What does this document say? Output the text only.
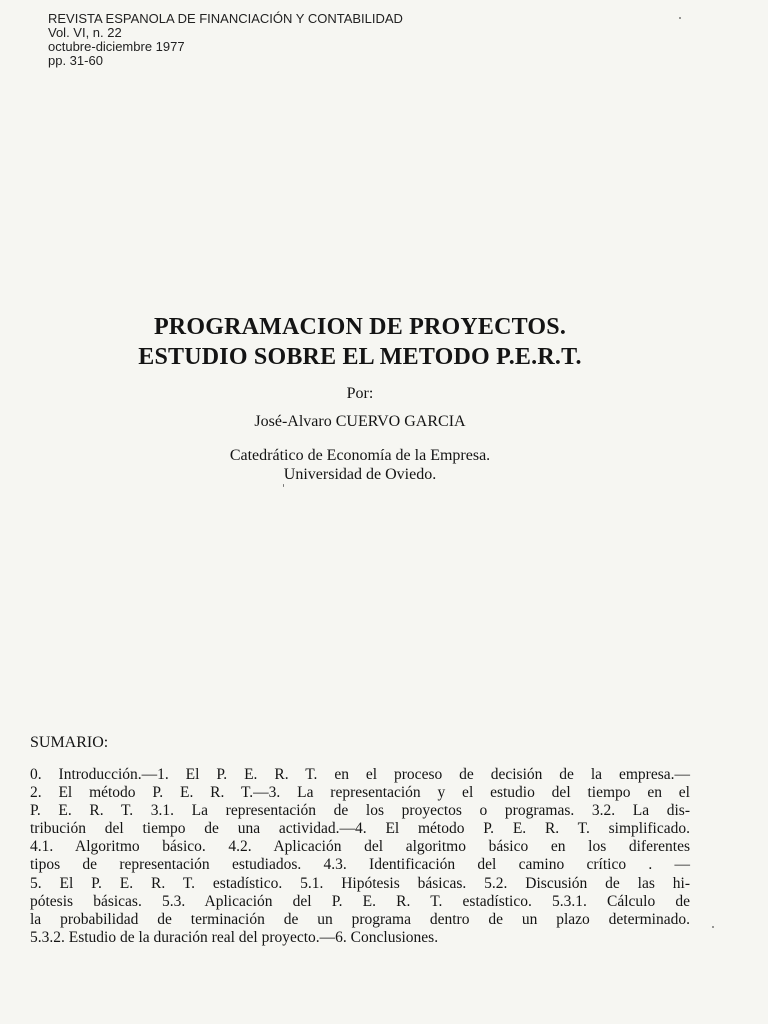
REVISTA ESPANOLA DE FINANCIACIÓN Y CONTABILIDAD
Vol. VI, n. 22
octubre-diciembre 1977
pp. 31-60
PROGRAMACION DE PROYECTOS.
ESTUDIO SOBRE EL METODO P.E.R.T.
Por:
José-Alvaro CUERVO GARCIA
Catedrático de Economía de la Empresa.
Universidad de Oviedo.
SUMARIO:
0. Introducción.—1. El P. E. R. T. en el proceso de decisión de la empresa.—
2. El método P. E. R. T.—3. La representación y el estudio del tiempo en el
P. E. R. T. 3.1. La representación de los proyectos o programas. 3.2. La dis-
tribución del tiempo de una actividad.—4. El método P. E. R. T. simplificado.
4.1. Algoritmo básico. 4.2. Aplicación del algoritmo básico en los diferentes
tipos de representación estudiados. 4.3. Identificación del camino crítico . —
5. El P. E. R. T. estadístico. 5.1. Hipótesis básicas. 5.2. Discusión de las hi-
pótesis básicas. 5.3. Aplicación del P. E. R. T. estadístico. 5.3.1. Cálculo de
la probabilidad de terminación de un programa dentro de un plazo determinado.
5.3.2. Estudio de la duración real del proyecto.—6. Conclusiones.
